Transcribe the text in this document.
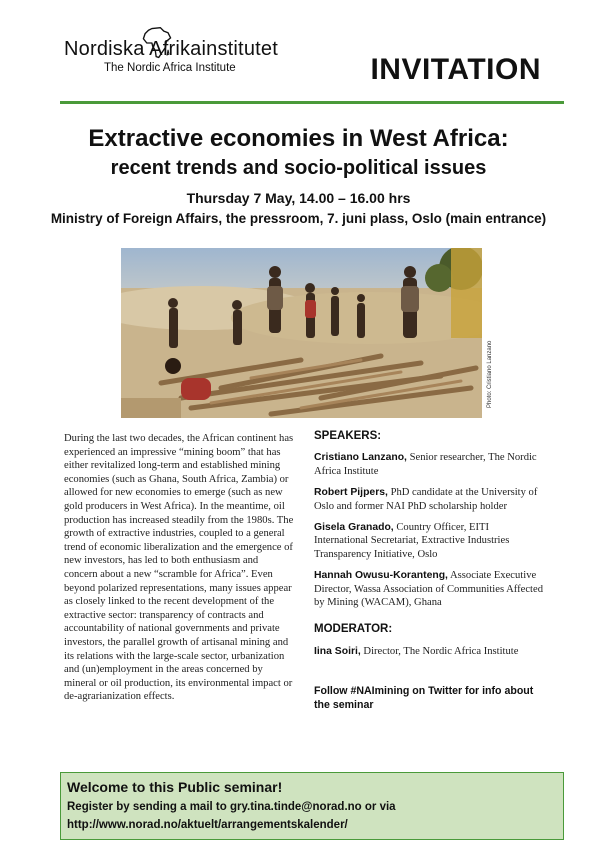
Nordiska Afrikainstitutet
The Nordic Africa Institute	INVITATION
Extractive economies in West Africa:
recent trends and socio-political issues
Thursday 7 May, 14.00 – 16.00 hrs
Ministry of Foreign Affairs, the pressroom, 7. juni plass, Oslo (main entrance)
Photo: Cristiano Lanzano
During the last two decades, the African continent has experienced an impressive “mining boom” that has either revitalized long-term and established mining economies (such as Ghana, South Africa, Zambia) or allowed for new economies to emerge (such as new gold producers in West Africa). In the meantime, oil production has increased steadily from the 1980s. The growth of extractive industries, coupled to a general trend of economic liberalization and the emergence of new investors, has led to both enthusiasm and concern about a new “scramble for Africa”. Even beyond polarized representations, many issues appear as closely linked to the recent development of the extractive sector: transparency of contracts and accountability of national governments and private investors, the parallel growth of artisanal mining and its relations with the large-scale sector, urbanization and (un)employment in the areas concerned by mineral or oil production, its environmental impact or de-agrarianization effects.
SPEAKERS:
Cristiano Lanzano, Senior researcher, The Nordic Africa Institute
Robert Pijpers, PhD candidate at the University of Oslo and former NAI PhD scholarship holder
Gisela Granado, Country Officer, EITI International Secretariat, Extractive Industries Transparency Initiative, Oslo
Hannah Owusu-Koranteng, Associate Executive Director, Wassa Association of Communities Affected by Mining (WACAM), Ghana
MODERATOR:
Iina Soiri, Director, The Nordic Africa Institute
Follow #NAImining on Twitter for info about the seminar
Welcome to this Public seminar!
Register by sending a mail to gry.tina.tinde@norad.no or via
http://www.norad.no/aktuelt/arrangementskalender/
